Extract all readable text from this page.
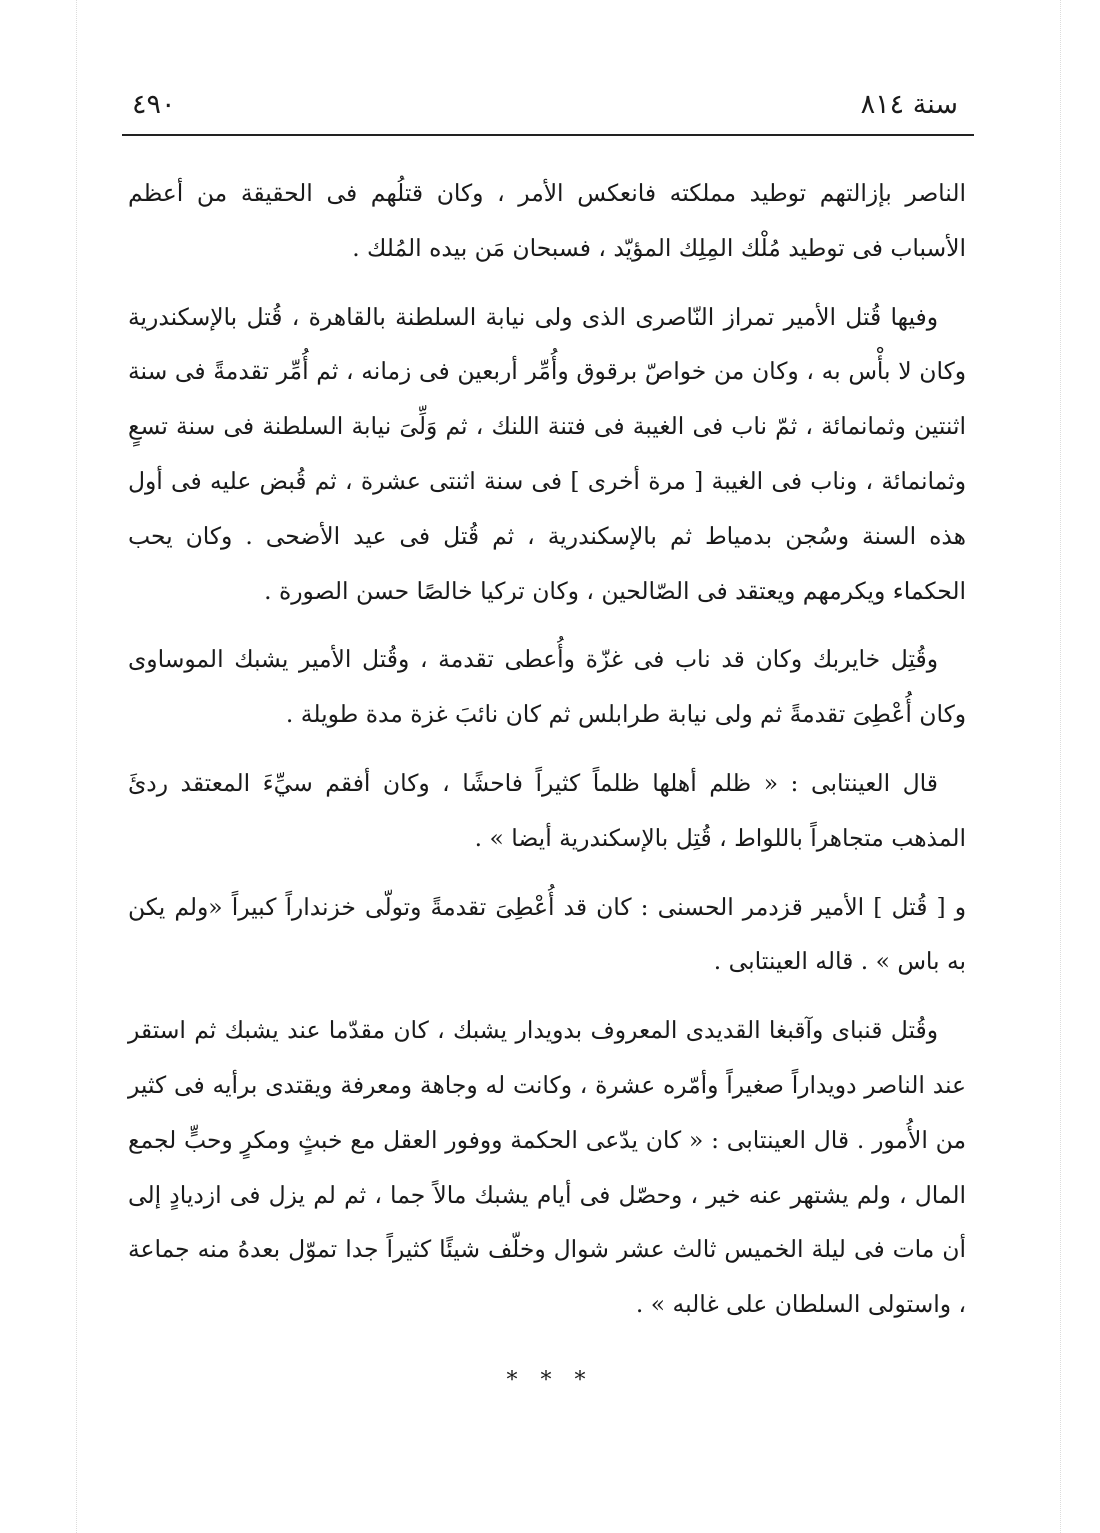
٤٩٠	سنة ٨١٤

الناصر بإزالتهم توطيد مملكته فانعكس الأمر ، وكان قتلُهم فى الحقيقة من أعظم الأسباب فى توطيد مُلْك المِلِك المؤيّد ، فسبحان مَن بيده المُلك .

وفيها قُتل الأمير تمراز النّاصرى الذى ولى نيابة السلطنة بالقاهرة ، قُتل بالإسكندرية وكان لا بأْس به ، وكان من خواصّ برقوق وأُمِّر أربعين فى زمانه ، ثم أُمِّر تقدمةً فى سنة اثنتين وثمانمائة ، ثمّ ناب فى الغيبة فى فتنة اللنك ، ثم وَلِّىَ نيابة السلطنة فى سنة تسعٍ وثمانمائة ، وناب فى الغيبة [ مرة أخرى ] فى سنة اثنتى عشرة ، ثم قُبض عليه فى أول هذه السنة وسُجن بدمياط ثم بالإسكندرية ، ثم قُتل فى عيد الأضحى . وكان يحب الحكماء ويكرمهم ويعتقد فى الصّالحين ، وكان تركيا خالصًا حسن الصورة .

وقُتِل خايربك وكان قد ناب فى غزّة وأُعطى تقدمة ، وقُتل الأمير يشبك الموساوى وكان أُعْطِىَ تقدمةً ثم ولى نيابة طرابلس ثم كان نائبَ غزة مدة طويلة .

قال العينتابى : « ظلم أهلها ظلماً كثيراً فاحشًا ، وكان أفقم سيِّءَ المعتقد ردئَ المذهب متجاهراً باللواط ، قُتِل بالإسكندرية أيضا » .

و [ قُتل ] الأمير قزدمر الحسنى : كان قد أُعْطِىَ تقدمةً وتولّى خزنداراً كبيراً «ولم يكن به باس » . قاله العينتابى .

وقُتل قنباى وآقبغا القديدى المعروف بدويدار يشبك ، كان مقدّما عند يشبك ثم استقر عند الناصر دويداراً صغيراً وأمّره عشرة ، وكانت له وجاهة ومعرفة ويقتدى برأيه فى كثير من الأُمور . قال العينتابى : « كان يدّعى الحكمة ووفور العقل مع خبثٍ ومكرٍ وحبٍّ لجمع المال ، ولم يشتهر عنه خير ، وحصّل فى أيام يشبك مالاً جما ، ثم لم يزل فى ازديادٍ إلى أن مات فى ليلة الخميس ثالث عشر شوال وخلّف شيئًا كثيراً جدا تموّل بعدهُ منه جماعة ، واستولى السلطان على غالبه » .

* * *
